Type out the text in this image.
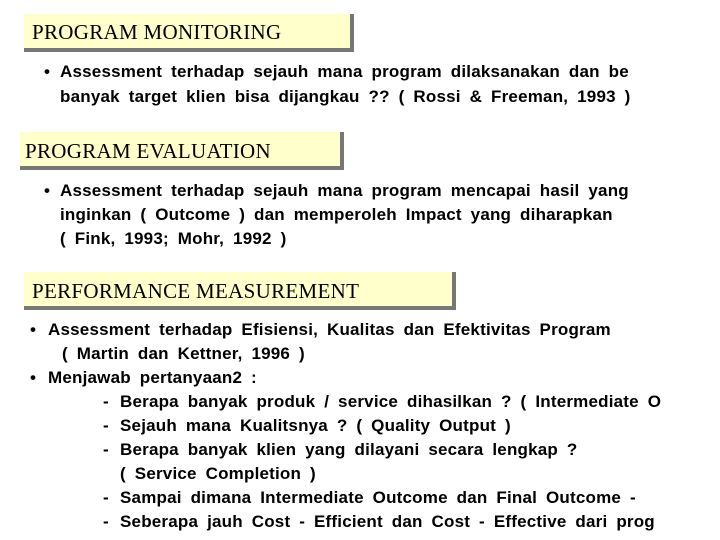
PROGRAM MONITORING
• Assessment terhadap sejauh mana program dilaksanakan dan be
banyak target klien bisa dijangkau ?? ( Rossi & Freeman, 1993 )
PROGRAM EVALUATION
• Assessment terhadap sejauh mana program mencapai hasil yang
inginkan ( Outcome ) dan memperoleh Impact yang diharapkan
( Fink, 1993; Mohr, 1992 )
PERFORMANCE MEASUREMENT
• Assessment terhadap Efisiensi, Kualitas dan Efektivitas Program
( Martin dan Kettner, 1996 )
• Menjawab pertanyaan2 :
- Berapa banyak produk / service dihasilkan ? ( Intermediate O
- Sejauh mana Kualitsnya ? ( Quality Output )
- Berapa banyak klien yang dilayani secara lengkap ?
( Service Completion )
- Sampai dimana Intermediate Outcome dan Final Outcome -
- Seberapa jauh Cost - Efficient dan Cost - Effective dari prog
